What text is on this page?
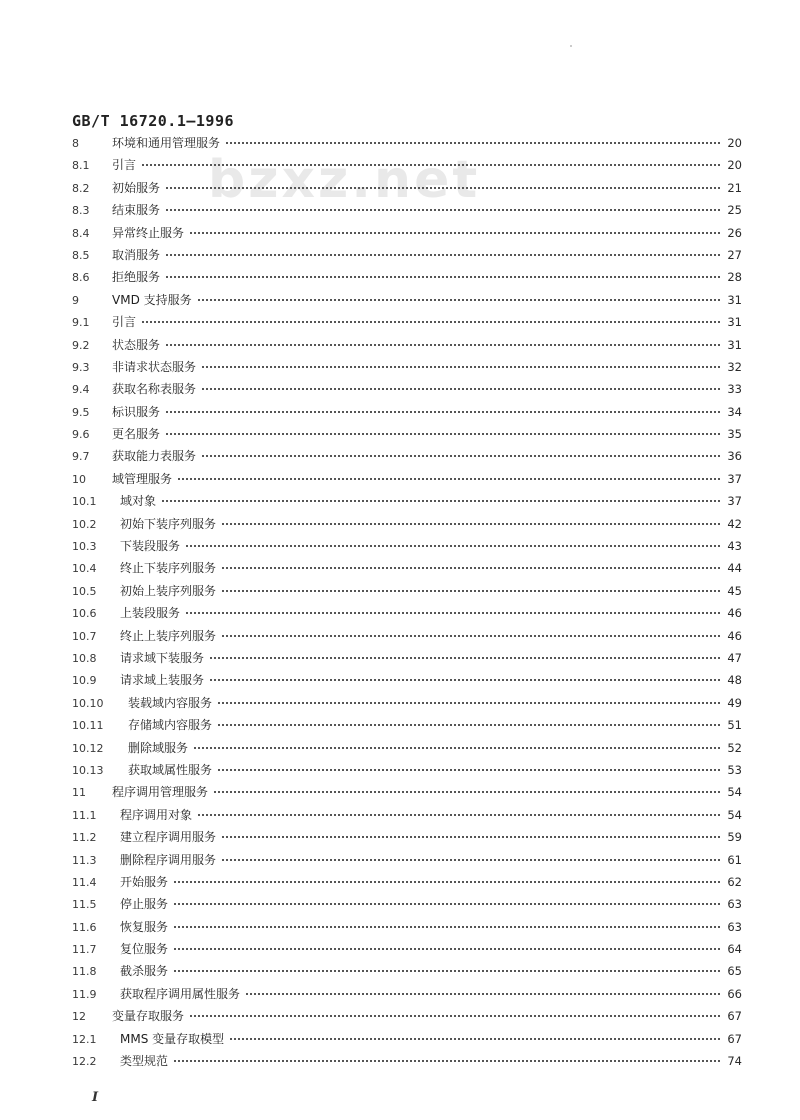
bzxz.net
GB/T 16720.1—1996
8	环境和通用管理服务	20
8.1	引言	20
8.2	初始服务	21
8.3	结束服务	25
8.4	异常终止服务	26
8.5	取消服务	27
8.6	拒绝服务	28
9	VMD 支持服务	31
9.1	引言	31
9.2	状态服务	31
9.3	非请求状态服务	32
9.4	获取名称表服务	33
9.5	标识服务	34
9.6	更名服务	35
9.7	获取能力表服务	36
10	域管理服务	37
10.1	域对象	37
10.2	初始下装序列服务	42
10.3	下装段服务	43
10.4	终止下装序列服务	44
10.5	初始上装序列服务	45
10.6	上装段服务	46
10.7	终止上装序列服务	46
10.8	请求域下装服务	47
10.9	请求域上装服务	48
10.10	装载域内容服务	49
10.11	存储域内容服务	51
10.12	删除域服务	52
10.13	获取域属性服务	53
11	程序调用管理服务	54
11.1	程序调用对象	54
11.2	建立程序调用服务	59
11.3	删除程序调用服务	61
11.4	开始服务	62
11.5	停止服务	63
11.6	恢复服务	63
11.7	复位服务	64
11.8	截杀服务	65
11.9	获取程序调用属性服务	66
12	变量存取服务	67
12.1	MMS 变量存取模型	67
12.2	类型规范	74
I
